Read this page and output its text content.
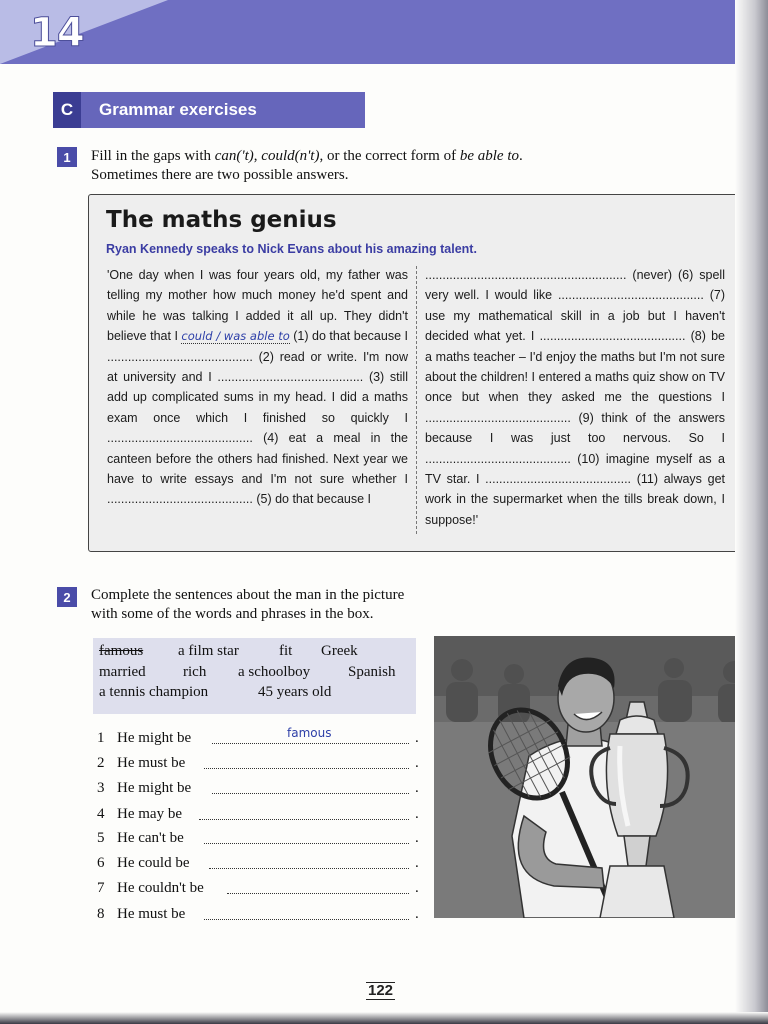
14
C	Grammar exercises
1	Fill in the gaps with can('t), could(n't), or the correct form of be able to.
Sometimes there are two possible answers.
The maths genius
Ryan Kennedy speaks to Nick Evans about his amazing talent.
'One day when I was four years old, my father was telling my mother how much money he'd spent and while he was talking I added it all up. They didn't believe that I could / was able to (1) do that because I .......................................... (2) read or write. I'm now at university and I .......................................... (3) still add up complicated sums in my head. I did a maths exam once which I finished so quickly I .......................................... (4) eat a meal in the canteen before the others had finished. Next year we have to write essays and I'm not sure whether I .......................................... (5) do that because I
.......................................................... (never) (6) spell very well. I would like .......................................... (7) use my mathematical skill in a job but I haven't decided what yet. I .......................................... (8) be a maths teacher – I'd enjoy the maths but I'm not sure about the children! I entered a maths quiz show on TV once but when they asked me the questions I .......................................... (9) think of the answers because I was just too nervous. So I .......................................... (10) imagine myself as a TV star. I .......................................... (11) always get work in the supermarket when the tills break down, I suppose!'
2	Complete the sentences about the man in the picture
with some of the words and phrases in the box.
famous a film star	fit Greek
married rich a schoolboy	Spanish
a tennis champion	45 years old
1 He might be	famous	.
2 He must be	.
3 He might be	.
4 He may be	.
5 He can't be	.
6 He could be	.
7 He couldn't be	.
8 He must be	.
122
